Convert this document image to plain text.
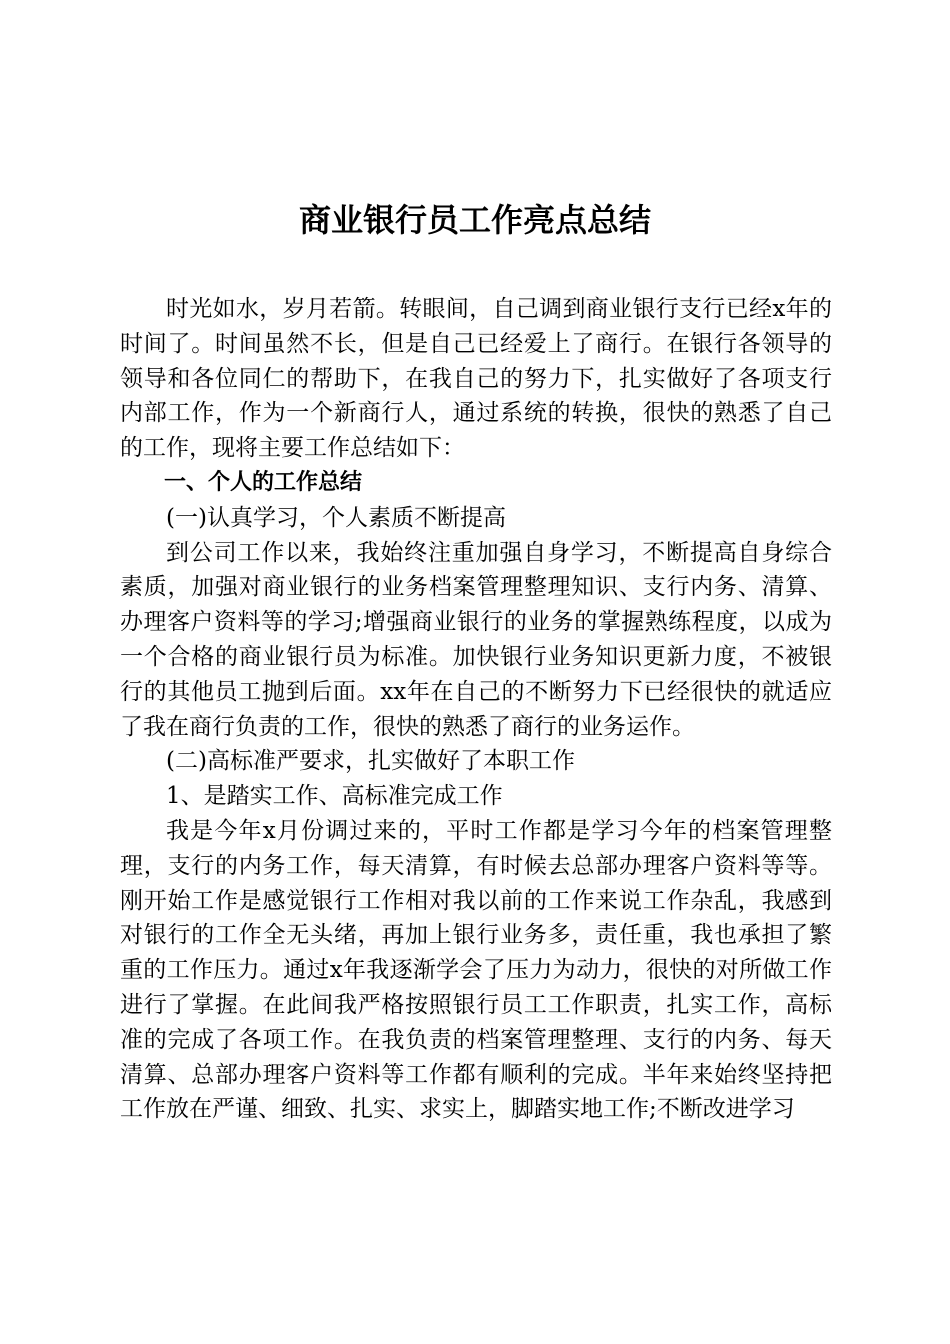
商业银行员工作亮点总结

时光如水，岁月若箭。转眼间，自己调到商业银行支行已经x年的时间了。时间虽然不长，但是自己已经爱上了商行。在银行各领导的领导和各位同仁的帮助下，在我自己的努力下，扎实做好了各项支行内部工作，作为一个新商行人，通过系统的转换，很快的熟悉了自己的工作，现将主要工作总结如下：

一、个人的工作总结

(一)认真学习，个人素质不断提高

到公司工作以来，我始终注重加强自身学习，不断提高自身综合素质，加强对商业银行的业务档案管理整理知识、支行内务、清算、办理客户资料等的学习;增强商业银行的业务的掌握熟练程度，以成为一个合格的商业银行员为标准。加快银行业务知识更新力度，不被银行的其他员工抛到后面。xx年在自己的不断努力下已经很快的就适应了我在商行负责的工作，很快的熟悉了商行的业务运作。

(二)高标准严要求，扎实做好了本职工作

1、是踏实工作、高标准完成工作

我是今年x月份调过来的，平时工作都是学习今年的档案管理整理，支行的内务工作，每天清算，有时候去总部办理客户资料等等。刚开始工作是感觉银行工作相对我以前的工作来说工作杂乱，我感到对银行的工作全无头绪，再加上银行业务多，责任重，我也承担了繁重的工作压力。通过x年我逐渐学会了压力为动力，很快的对所做工作进行了掌握。在此间我严格按照银行员工工作职责，扎实工作，高标准的完成了各项工作。在我负责的档案管理整理、支行的内务、每天清算、总部办理客户资料等工作都有顺利的完成。半年来始终坚持把工作放在严谨、细致、扎实、求实上，脚踏实地工作;不断改进学习
